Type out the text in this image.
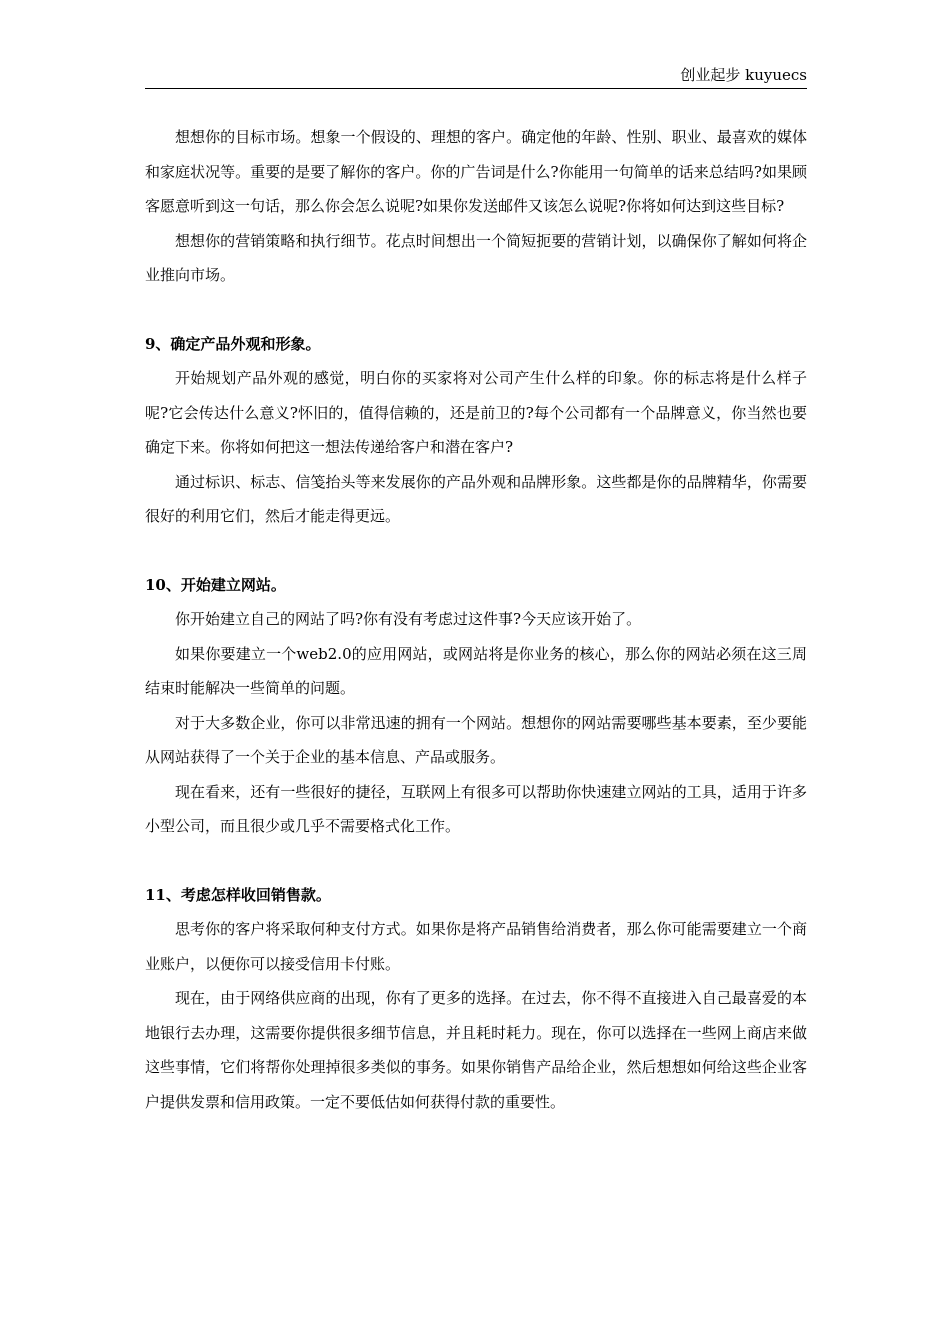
创业起步 kuyuecs

想想你的目标市场。想象一个假设的、理想的客户。确定他的年龄、性别、职业、最喜欢的媒体和家庭状况等。重要的是要了解你的客户。你的广告词是什么?你能用一句简单的话来总结吗?如果顾客愿意听到这一句话，那么你会怎么说呢?如果你发送邮件又该怎么说呢?你将如何达到这些目标?

想想你的营销策略和执行细节。花点时间想出一个简短扼要的营销计划，以确保你了解如何将企业推向市场。

9、确定产品外观和形象。

开始规划产品外观的感觉，明白你的买家将对公司产生什么样的印象。你的标志将是什么样子呢?它会传达什么意义?怀旧的，值得信赖的，还是前卫的?每个公司都有一个品牌意义，你当然也要确定下来。你将如何把这一想法传递给客户和潜在客户?

通过标识、标志、信笺抬头等来发展你的产品外观和品牌形象。这些都是你的品牌精华，你需要很好的利用它们，然后才能走得更远。

10、开始建立网站。

你开始建立自己的网站了吗?你有没有考虑过这件事?今天应该开始了。

如果你要建立一个web2.0的应用网站，或网站将是你业务的核心，那么你的网站必须在这三周结束时能解决一些简单的问题。

对于大多数企业，你可以非常迅速的拥有一个网站。想想你的网站需要哪些基本要素，至少要能从网站获得了一个关于企业的基本信息、产品或服务。

现在看来，还有一些很好的捷径，互联网上有很多可以帮助你快速建立网站的工具，适用于许多小型公司，而且很少或几乎不需要格式化工作。

11、考虑怎样收回销售款。

思考你的客户将采取何种支付方式。如果你是将产品销售给消费者，那么你可能需要建立一个商业账户，以便你可以接受信用卡付账。

现在，由于网络供应商的出现，你有了更多的选择。在过去，你不得不直接进入自己最喜爱的本地银行去办理，这需要你提供很多细节信息，并且耗时耗力。现在，你可以选择在一些网上商店来做这些事情，它们将帮你处理掉很多类似的事务。如果你销售产品给企业，然后想想如何给这些企业客户提供发票和信用政策。一定不要低估如何获得付款的重要性。
